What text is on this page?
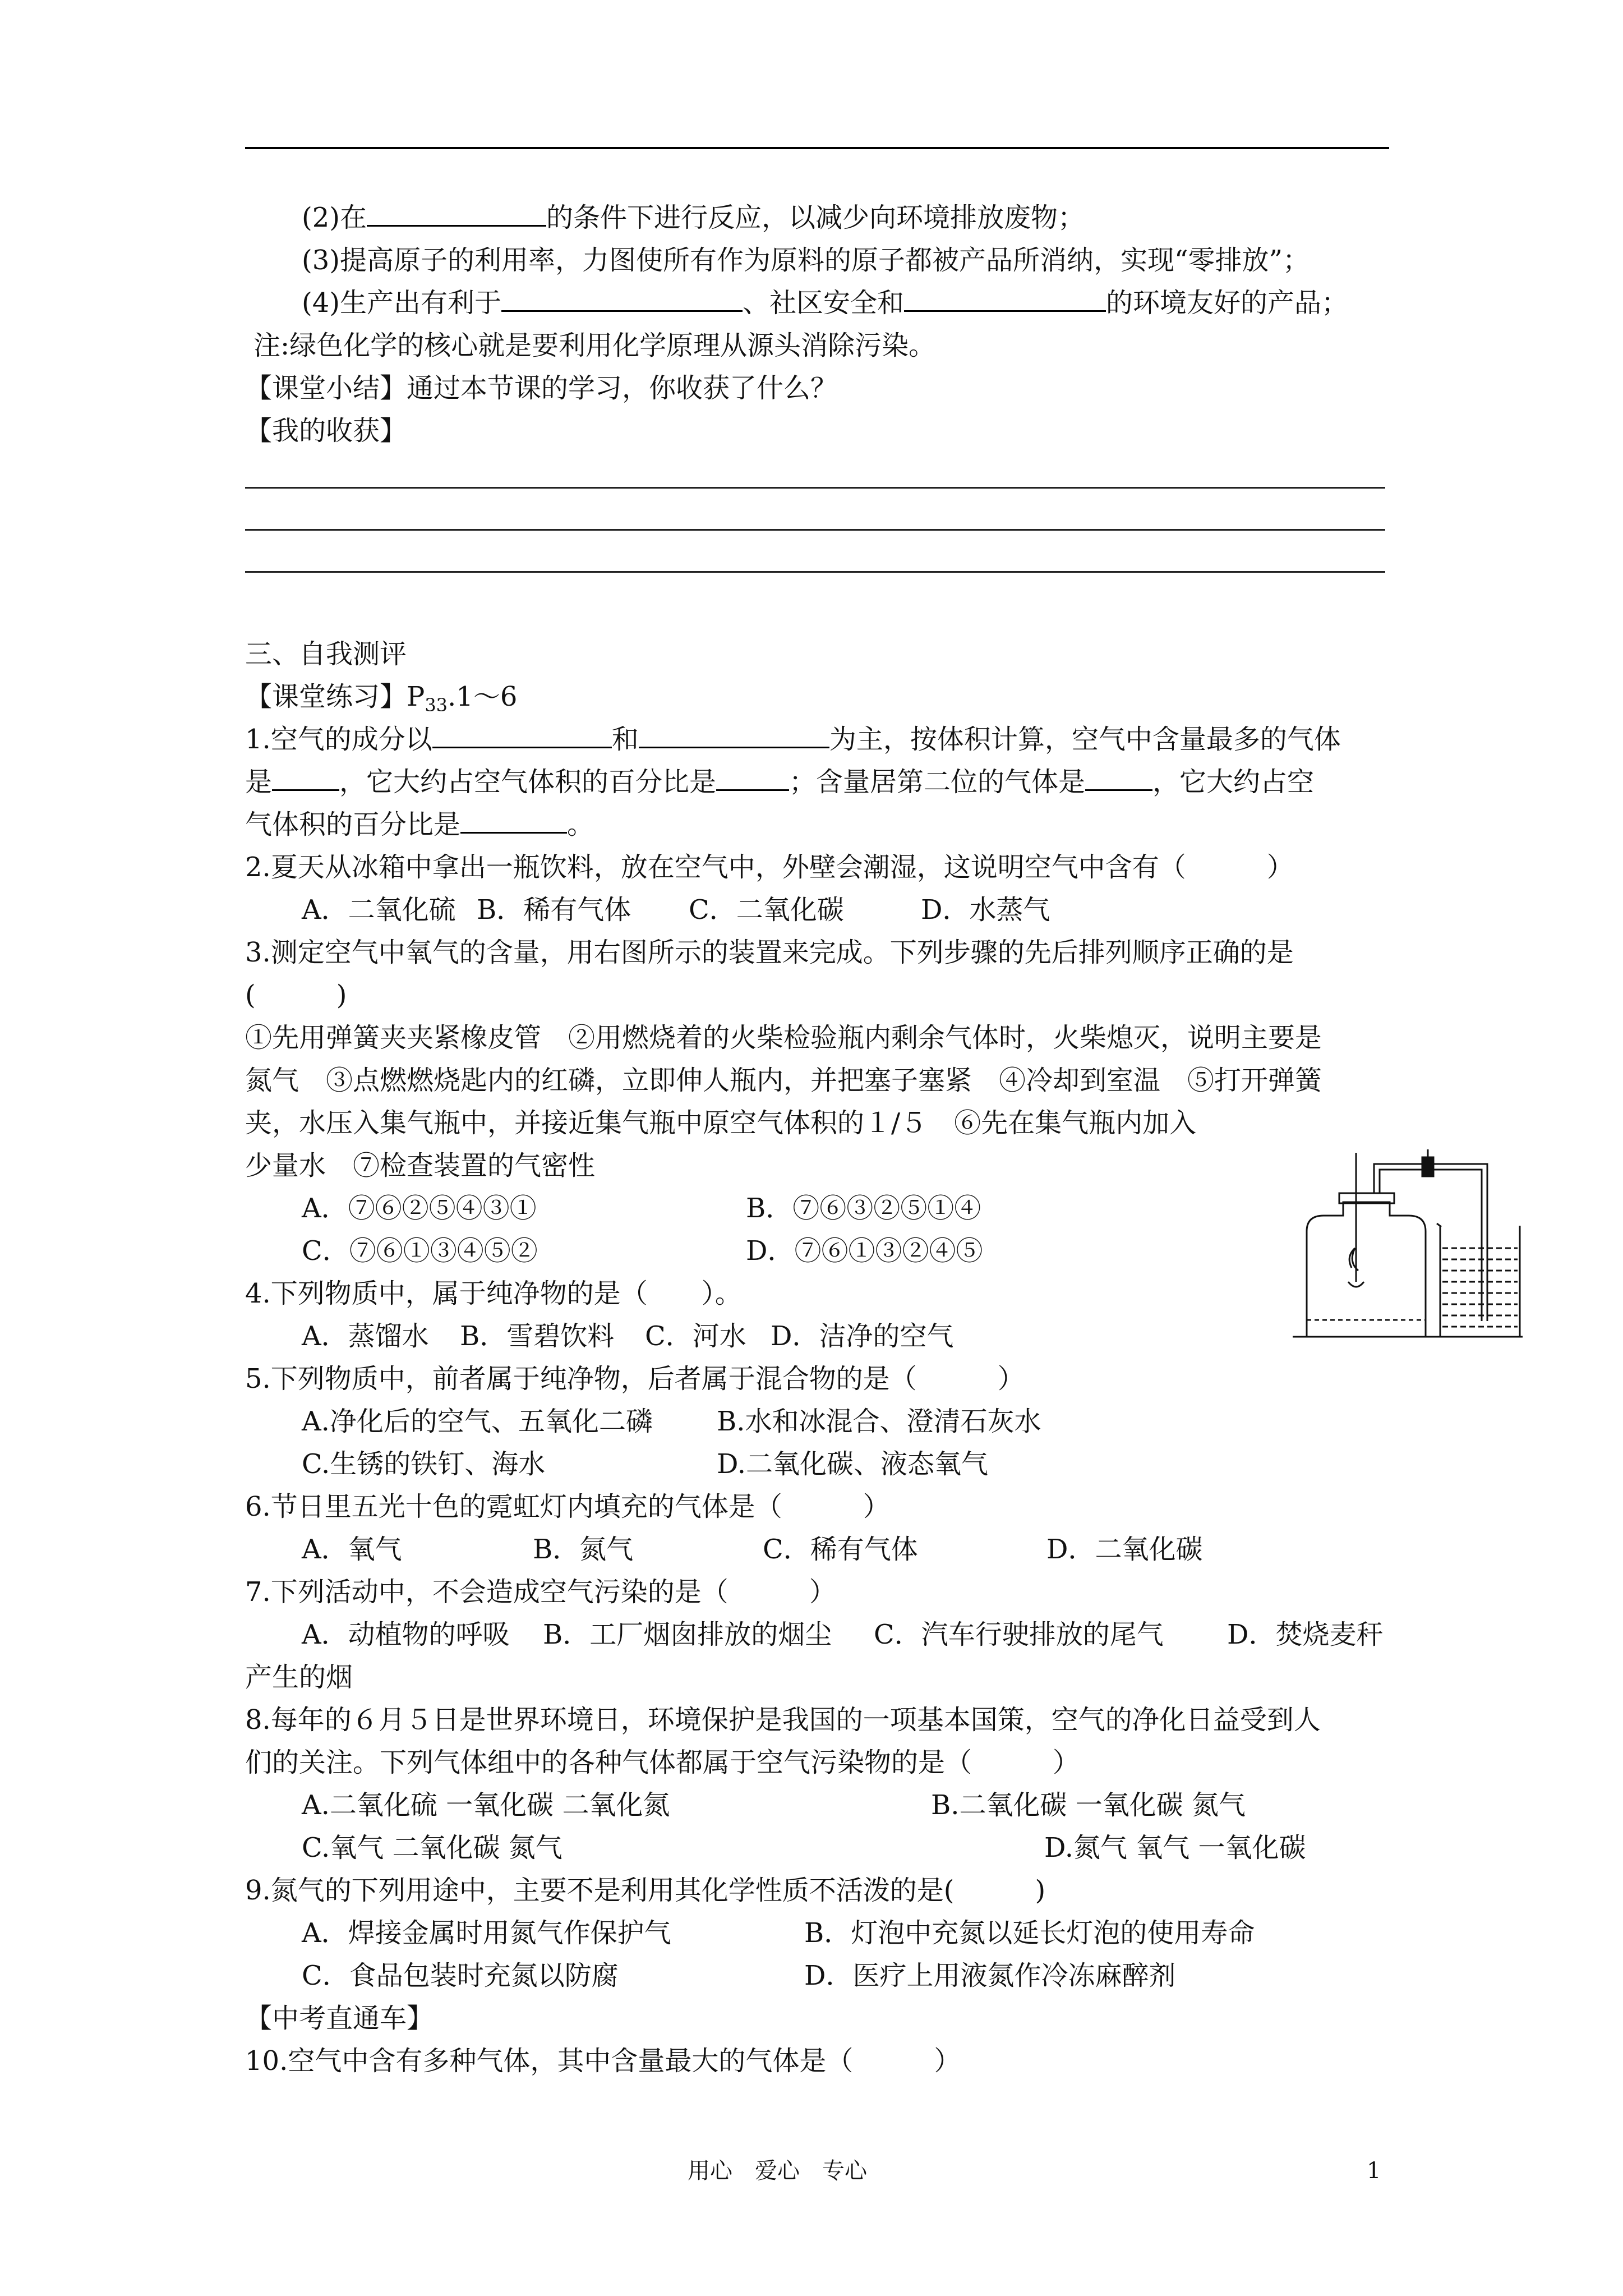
(2)在	的条件下进行反应，以减少向环境排放废物；
(3)提高原子的利用率，力图使所有作为原料的原子都被产品所消纳，实现“零排放”；
(4)生产出有利于	、社区安全和	的环境友好的产品；
注:绿色化学的核心就是要利用化学原理从源头消除污染。
【课堂小结】通过本节课的学习，你收获了什么？
【我的收获】
三、自我测评
【课堂练习】$P_{33}.1\sim 6$
1.空气的成分以	和	为主，按体积计算，空气中含量最多的气体
是	，它大约占空气体积的百分比是	；含量居第二位的气体是	，它大约占空
气体积的百分比是	。
2.夏天从冰箱中拿出一瓶饮料，放在空气中，外壁会潮湿，这说明空气中含有（　　　）
A．二氧化硫 B．稀有气体 C．二氧化碳	D．水蒸气
3.测定空气中氧气的含量，用右图所示的装置来完成。下列步骤的先后排列顺序正确的是
(　　　)
①先用弹簧夹夹紧橡皮管　②用燃烧着的火柴检验瓶内剩余气体时，火柴熄灭，说明主要是
氮气　③点燃燃烧匙内的红磷，立即伸人瓶内，并把塞子塞紧　④冷却到室温　⑤打开弹簧
夹，水压入集气瓶中，并接近集气瓶中原空气体积的１/５　⑥先在集气瓶内加入
少量水　⑦检查装置的气密性
A．⑦⑥②⑤④③①	B．⑦⑥③②⑤①④
C．⑦⑥①③④⑤②	D．⑦⑥①③②④⑤
4.下列物质中，属于纯净物的是（　　）。
A．蒸馏水 B．雪碧饮料 C．河水 D．洁净的空气
5.下列物质中，前者属于纯净物，后者属于混合物的是（　　　）
A.净化后的空气、五氧化二磷 B.水和冰混合、澄清石灰水
C.生锈的铁钉、海水	D.二氧化碳、液态氧气
6.节日里五光十色的霓虹灯内填充的气体是（　　　）
A．氧气	B．氮气	C．稀有气体	D．二氧化碳
7.下列活动中，不会造成空气污染的是（　　　）
A．动植物的呼吸 B．工厂烟囱排放的烟尘 C．汽车行驶排放的尾气 D．焚烧麦秆
产生的烟
8.每年的６月５日是世界环境日，环境保护是我国的一项基本国策，空气的净化日益受到人
们的关注。下列气体组中的各种气体都属于空气污染物的是（　　　）
A.二氧化硫 一氧化碳 二氧化氮	B.二氧化碳 一氧化碳 氮气
C.氧气 二氧化碳 氮气	D.氮气 氧气 一氧化碳
9.氮气的下列用途中，主要不是利用其化学性质不活泼的是(　　　)
A．焊接金属时用氮气作保护气	B．灯泡中充氮以延长灯泡的使用寿命
C．食品包装时充氮以防腐	D．医疗上用液氮作冷冻麻醉剂
【中考直通车】
10.空气中含有多种气体，其中含量最大的气体是（　　　）
用心　爱心　专心	1
